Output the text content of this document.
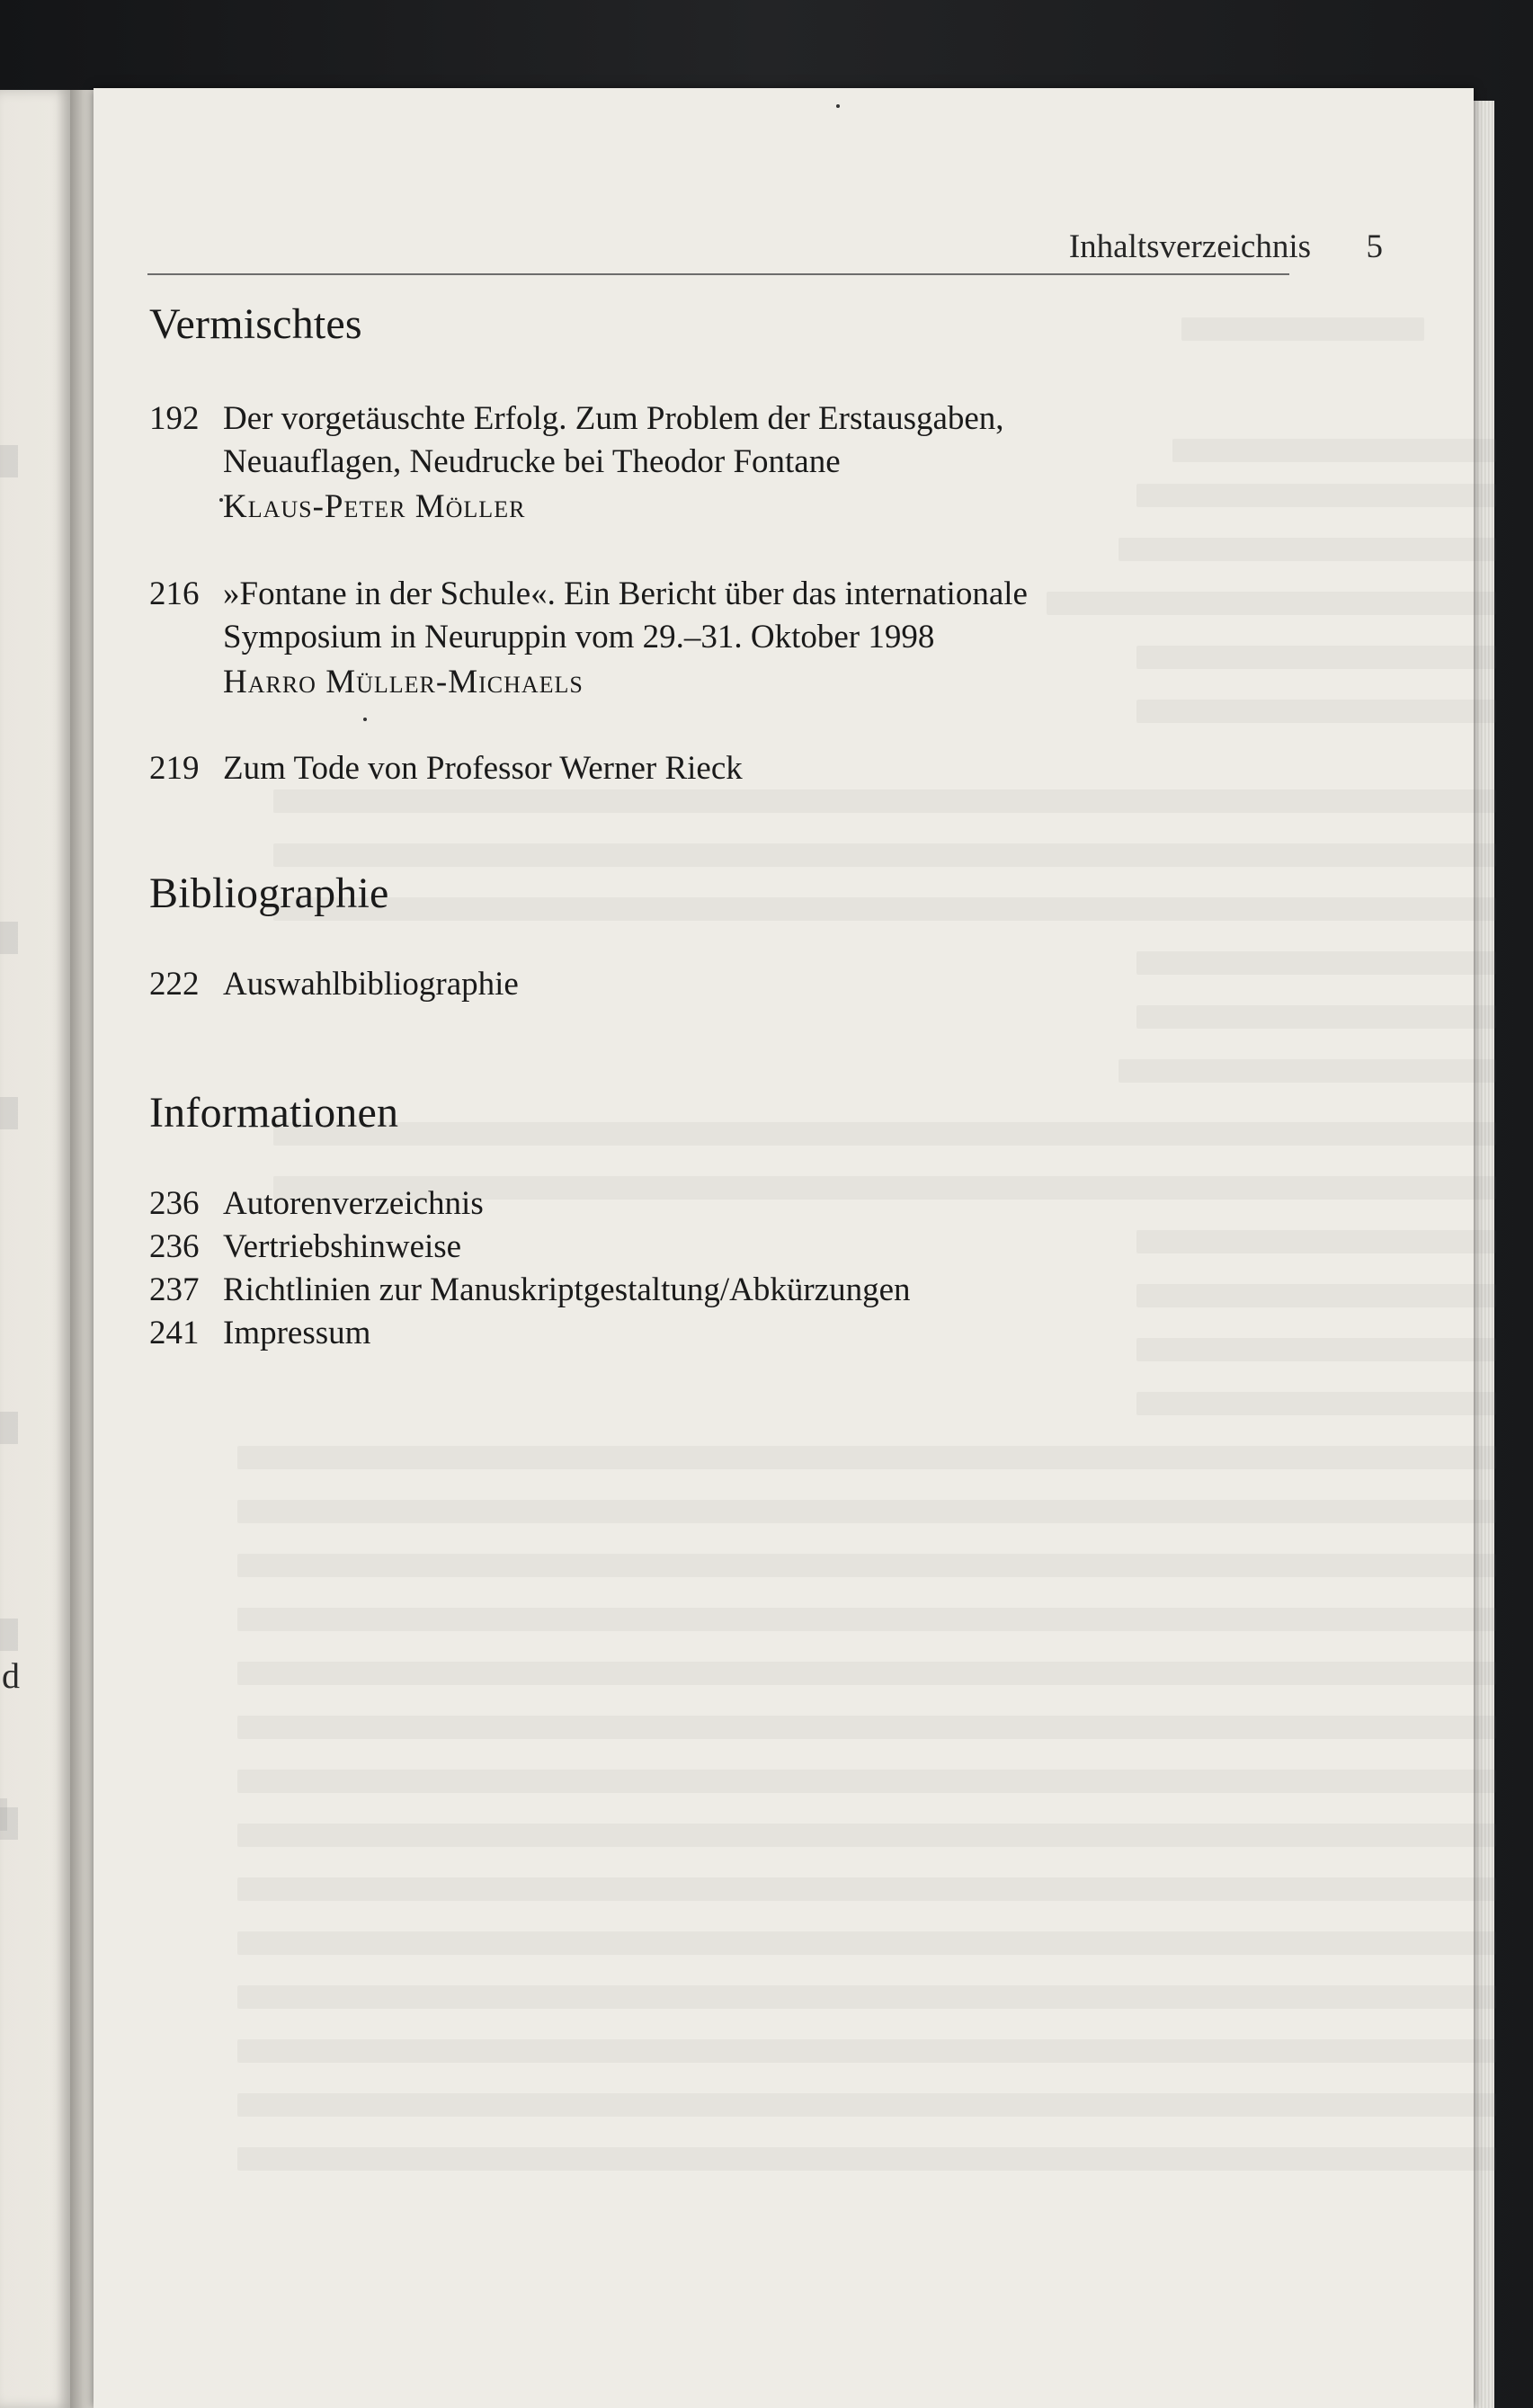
d
Inhaltsverzeichnis 5
Vermischtes
192 Der vorgetäuschte Erfolg. Zum Problem der Erstausgaben,
Neuauflagen, Neudrucke bei Theodor Fontane
Klaus-Peter Möller
216 »Fontane in der Schule«. Ein Bericht über das internationale
Symposium in Neuruppin vom 29.–31. Oktober 1998
Harro Müller-Michaels
219 Zum Tode von Professor Werner Rieck
Bibliographie
222 Auswahlbibliographie
Informationen
236 Autorenverzeichnis
236 Vertriebshinweise
237 Richtlinien zur Manuskriptgestaltung/Abkürzungen
241 Impressum
